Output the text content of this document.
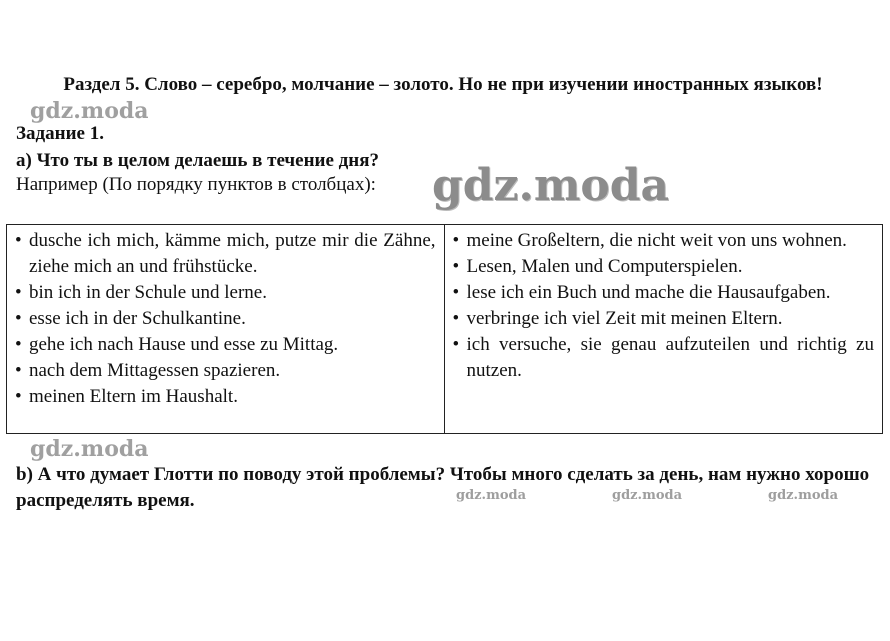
Раздел 5. Слово – серебро, молчание – золото. Но не при изучении иностранных языков!
gdz.moda
Задание 1.
а) Что ты в целом делаешь в течение дня?
Например (По порядку пунктов в столбцах): gdz.moda
• dusche ich mich, kämme mich, putze mir die Zähne, ziehe mich an und frühstücke.
• bin ich in der Schule und lerne.
• esse ich in der Schulkantine.
• gehe ich nach Hause und esse zu Mittag.
• nach dem Mittagessen spazieren.
• meinen Eltern im Haushalt.
• meine Großeltern, die nicht weit von uns wohnen.
• Lesen, Malen und Computerspielen.
• lese ich ein Buch und mache die Hausaufgaben.
• verbringe ich viel Zeit mit meinen Eltern.
• ich versuche, sie genau aufzuteilen und richtig zu nutzen.
gdz.moda
b) А что думает Глотти по поводу этой проблемы? Чтобы много сделать за день, нам нужно хорошо распределять время.	gdz.moda	gdz.moda	gdz.moda
